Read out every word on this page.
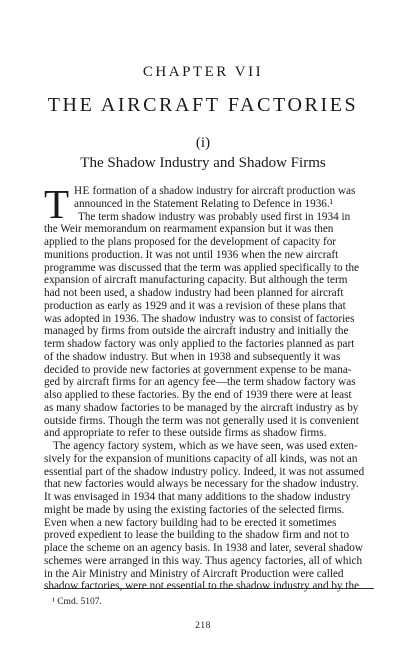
CHAPTER VII
THE AIRCRAFT FACTORIES
(i)
The Shadow Industry and Shadow Firms
T HE formation of a shadow industry for aircraft production was
announced in the Statement Relating to Defence in 1936.¹
The term shadow industry was probably used first in 1934 in
the Weir memorandum on rearmament expansion but it was then
applied to the plans proposed for the development of capacity for
munitions production. It was not until 1936 when the new aircraft
programme was discussed that the term was applied specifically to the
expansion of aircraft manufacturing capacity. But although the term
had not been used, a shadow industry had been planned for aircraft
production as early as 1929 and it was a revision of these plans that
was adopted in 1936. The shadow industry was to consist of factories
managed by firms from outside the aircraft industry and initially the
term shadow factory was only applied to the factories planned as part
of the shadow industry. But when in 1938 and subsequently it was
decided to provide new factories at government expense to be mana-
ged by aircraft firms for an agency fee—the term shadow factory was
also applied to these factories. By the end of 1939 there were at least
as many shadow factories to be managed by the aircraft industry as by
outside firms. Though the term was not generally used it is convenient
and appropriate to refer to these outside firms as shadow firms.
The agency factory system, which as we have seen, was used exten-
sively for the expansion of munitions capacity of all kinds, was not an
essential part of the shadow industry policy. Indeed, it was not assumed
that new factories would always be necessary for the shadow industry.
It was envisaged in 1934 that many additions to the shadow industry
might be made by using the existing factories of the selected firms.
Even when a new factory building had to be erected it sometimes
proved expedient to lease the building to the shadow firm and not to
place the scheme on an agency basis. In 1938 and later, several shadow
schemes were arranged in this way. Thus agency factories, all of which
in the Air Ministry and Ministry of Aircraft Production were called
shadow factories, were not essential to the shadow industry and by the
¹ Cmd. 5107.
218
